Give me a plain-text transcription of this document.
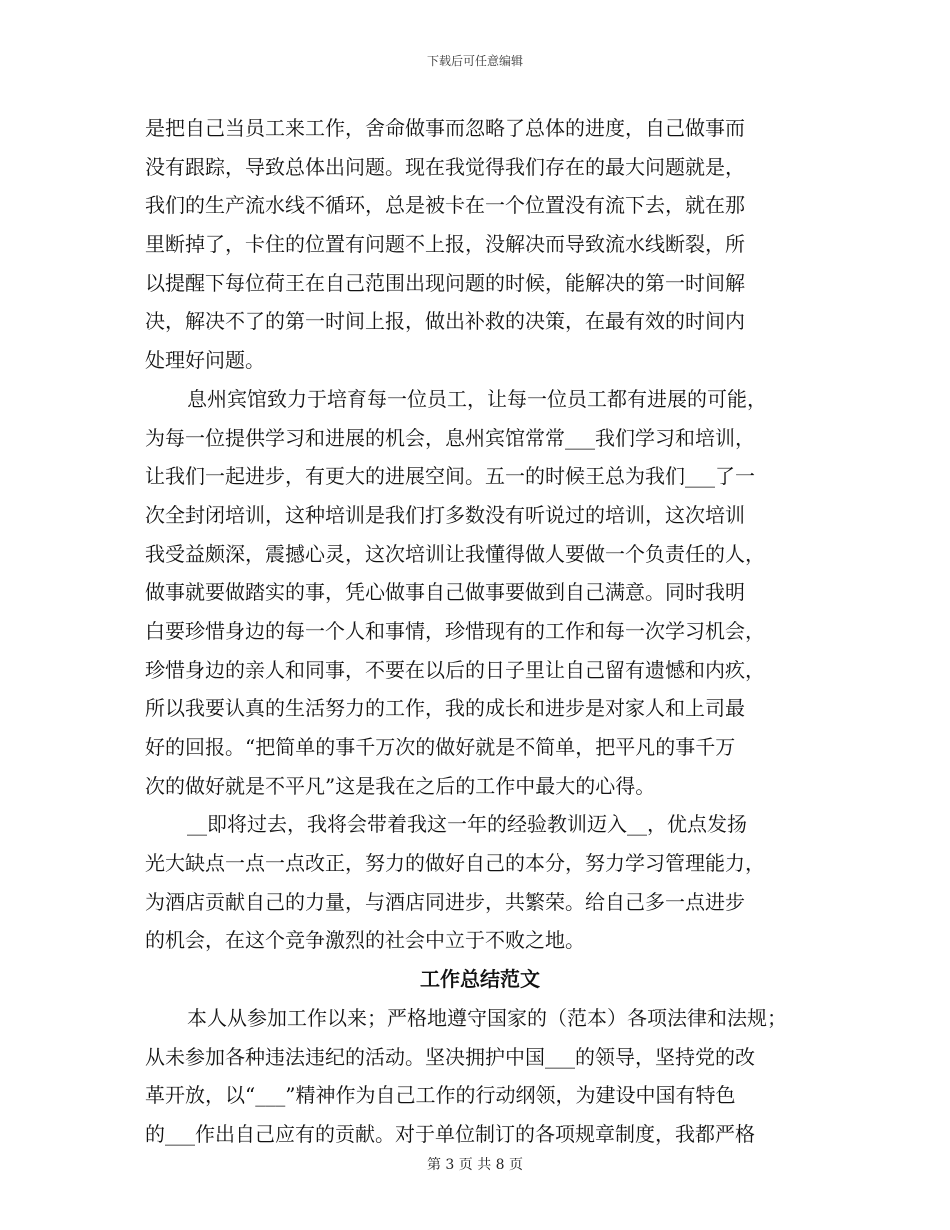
下载后可任意编辑
是把自己当员工来工作，舍命做事而忽略了总体的进度，自己做事而
没有跟踪，导致总体出问题。现在我觉得我们存在的最大问题就是，
我们的生产流水线不循环，总是被卡在一个位置没有流下去，就在那
里断掉了，卡住的位置有问题不上报，没解决而导致流水线断裂，所
以提醒下每位荷王在自己范围出现问题的时候，能解决的第一时间解
决，解决不了的第一时间上报，做出补救的决策，在最有效的时间内
处理好问题。
息州宾馆致力于培育每一位员工，让每一位员工都有进展的可能，
为每一位提供学习和进展的机会，息州宾馆常常___我们学习和培训，
让我们一起进步，有更大的进展空间。五一的时候王总为我们___了一
次全封闭培训，这种培训是我们打多数没有听说过的培训，这次培训
我受益颇深，震撼心灵，这次培训让我懂得做人要做一个负责任的人，
做事就要做踏实的事，凭心做事自己做事要做到自己满意。同时我明
白要珍惜身边的每一个人和事情，珍惜现有的工作和每一次学习机会，
珍惜身边的亲人和同事，不要在以后的日子里让自己留有遗憾和内疚，
所以我要认真的生活努力的工作，我的成长和进步是对家人和上司最
好的回报。“把简单的事千万次的做好就是不简单，把平凡的事千万
次的做好就是不平凡”这是我在之后的工作中最大的心得。
__即将过去，我将会带着我这一年的经验教训迈入__，优点发扬
光大缺点一点一点改正，努力的做好自己的本分，努力学习管理能力，
为酒店贡献自己的力量，与酒店同进步，共繁荣。给自己多一点进步
的机会，在这个竞争激烈的社会中立于不败之地。
工作总结范文
本人从参加工作以来；严格地遵守国家的（范本）各项法律和法规；
从未参加各种违法违纪的活动。坚决拥护中国___的领导，坚持党的改
革开放，以“___”精神作为自己工作的行动纲领，为建设中国有特色
的___作出自己应有的贡献。对于单位制订的各项规章制度，我都严格
第 3 页 共 8 页
